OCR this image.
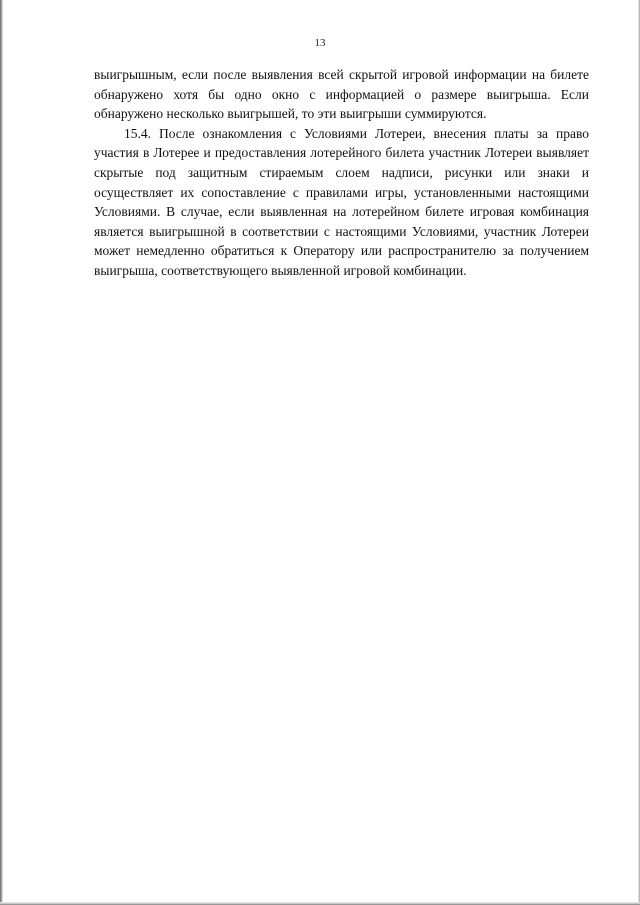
13

выигрышным, если после выявления всей скрытой игровой информации на билете обнаружено хотя бы одно окно с информацией о размере выигрыша. Если обнаружено несколько выигрышей, то эти выигрыши суммируются.

15.4. После ознакомления с Условиями Лотереи, внесения платы за право участия в Лотерее и предоставления лотерейного билета участник Лотереи выявляет скрытые под защитным стираемым слоем надписи, рисунки или знаки и осуществляет их сопоставление с правилами игры, установленными настоящими Условиями. В случае, если выявленная на лотерейном билете игровая комбинация является выигрышной в соответствии с настоящими Условиями, участник Лотереи может немедленно обратиться к Оператору или распространителю за получением выигрыша, соответствующего выявленной игровой комбинации.
